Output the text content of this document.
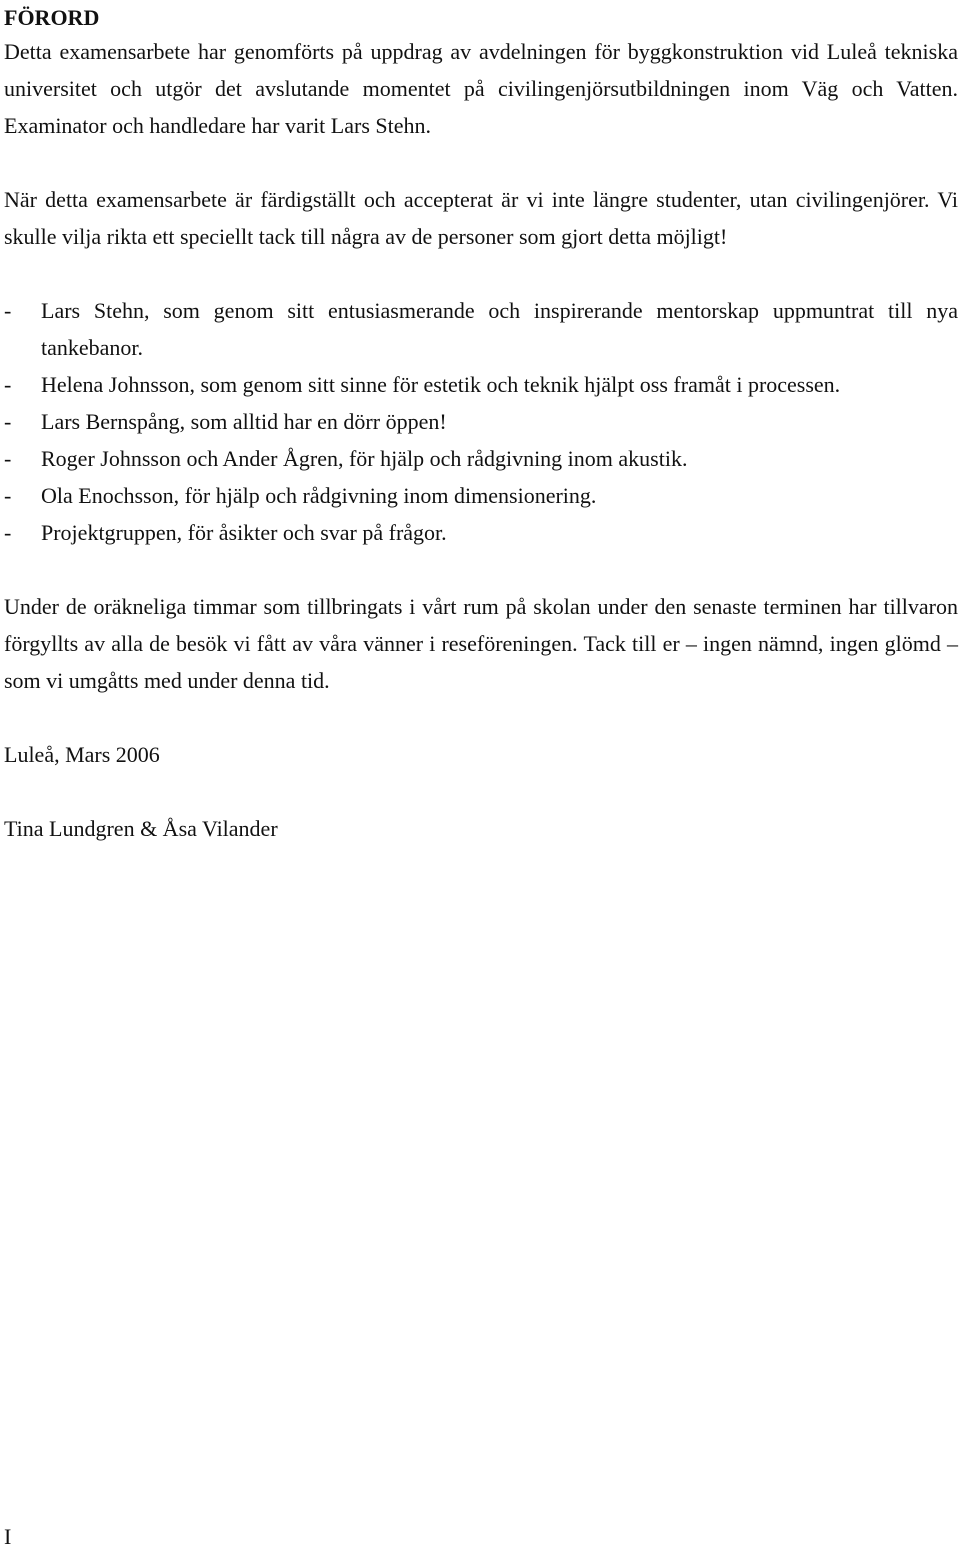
FÖRORD

Detta examensarbete har genomförts på uppdrag av avdelningen för byggkonstruktion vid Luleå tekniska universitet och utgör det avslutande momentet på civilingenjörsutbildningen inom Väg och Vatten. Examinator och handledare har varit Lars Stehn.

När detta examensarbete är färdigställt och accepterat är vi inte längre studenter, utan civilingenjörer. Vi skulle vilja rikta ett speciellt tack till några av de personer som gjort detta möjligt!

- Lars Stehn, som genom sitt entusiasmerande och inspirerande mentorskap uppmuntrat till nya tankebanor.
- Helena Johnsson, som genom sitt sinne för estetik och teknik hjälpt oss framåt i processen.
- Lars Bernspång, som alltid har en dörr öppen!
- Roger Johnsson och Ander Ågren, för hjälp och rådgivning inom akustik.
- Ola Enochsson, för hjälp och rådgivning inom dimensionering.
- Projektgruppen, för åsikter och svar på frågor.

Under de oräkneliga timmar som tillbringats i vårt rum på skolan under den senaste terminen har tillvaron förgyllts av alla de besök vi fått av våra vänner i reseföreningen. Tack till er – ingen nämnd, ingen glömd – som vi umgåtts med under denna tid.

Luleå, Mars 2006

Tina Lundgren & Åsa Vilander

I
